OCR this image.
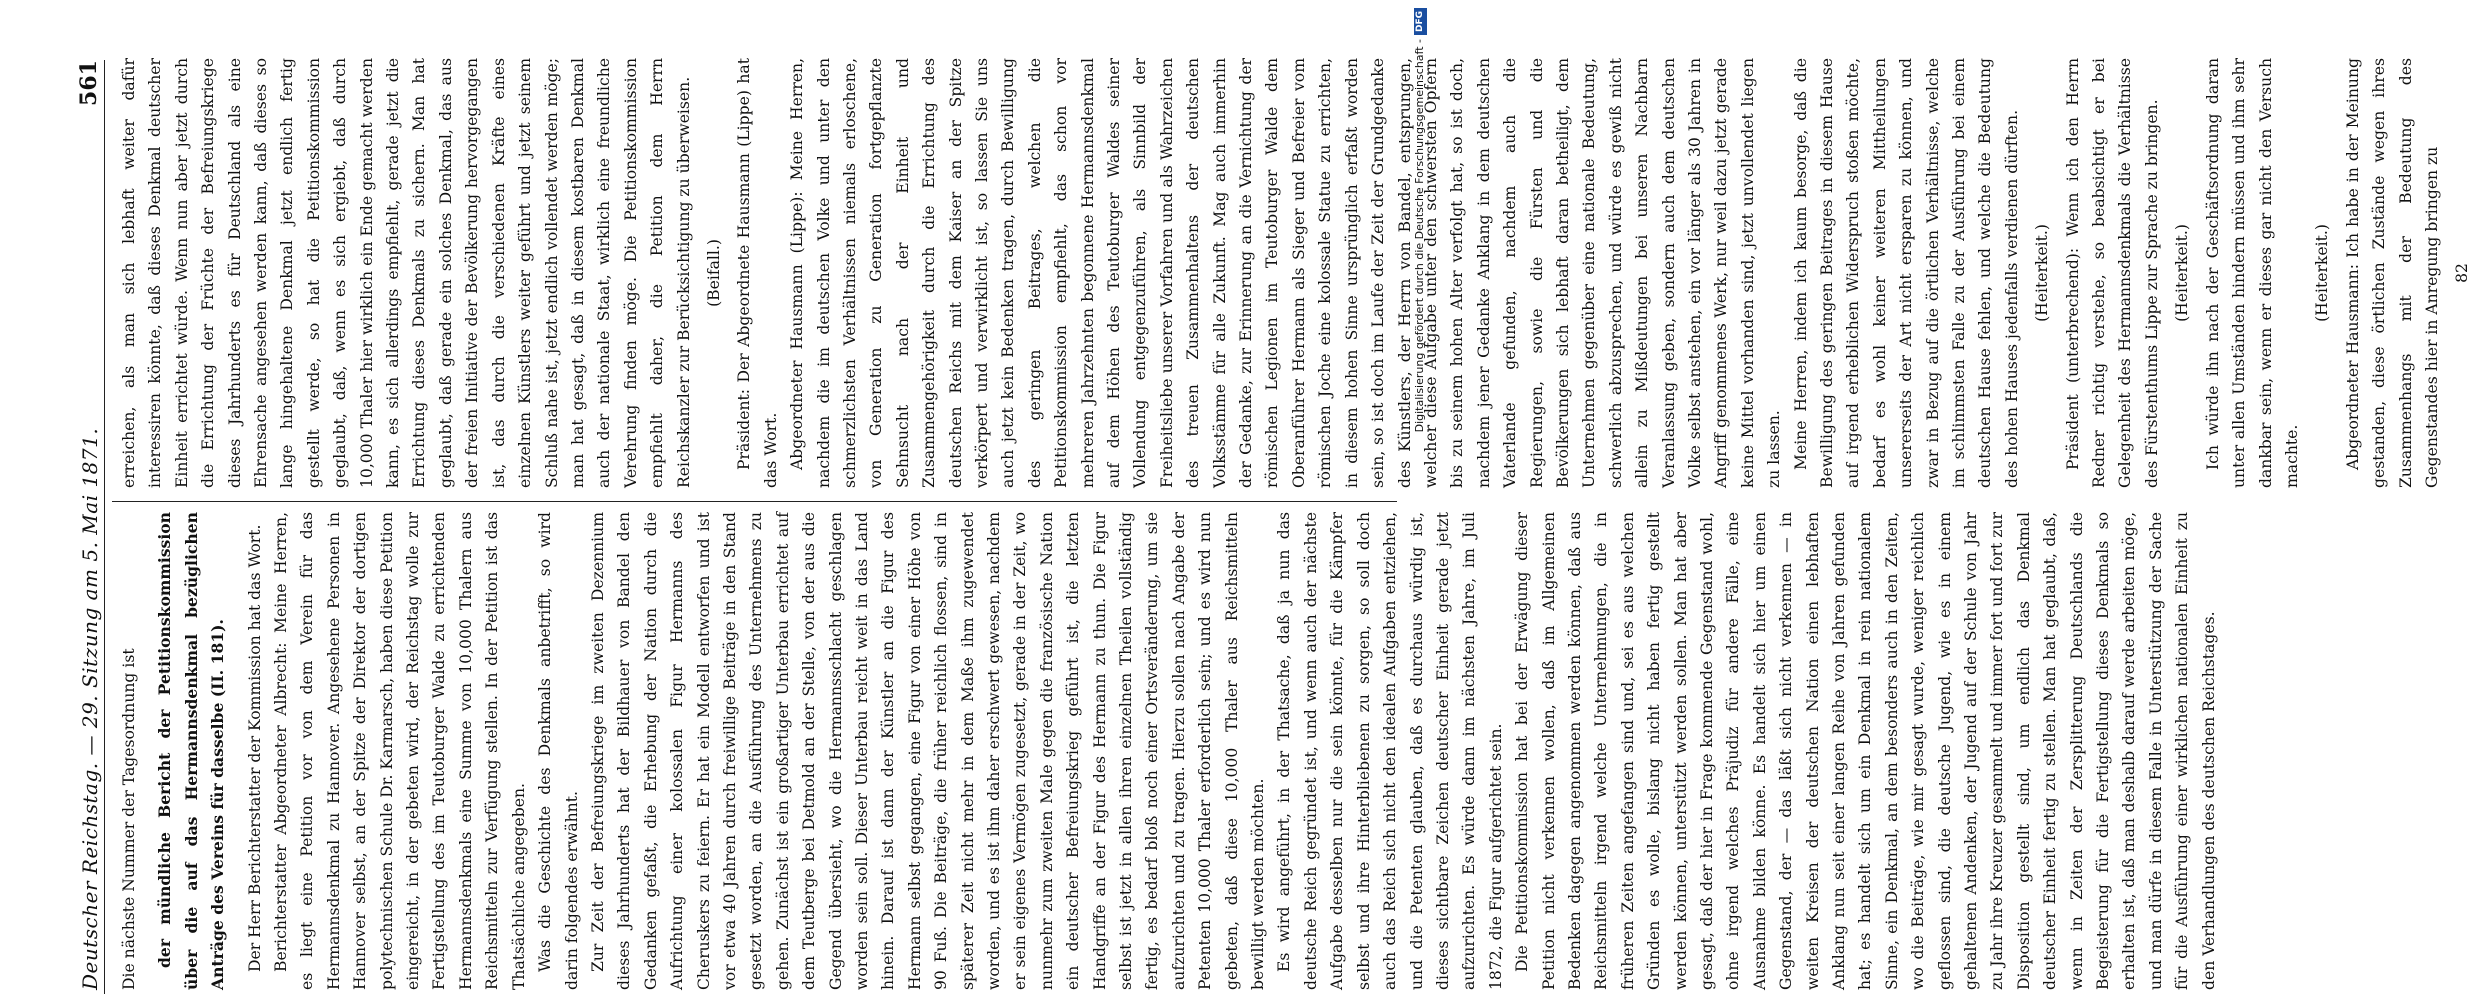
Deutscher Reichstag. — 29. Sitzung am 5. Mai 1871.
561

Die nächste Nummer der Tagesordnung ist der mündliche Bericht der Petitionskommission über die auf das Hermannsdenkmal bezüglichen Anträge des Vereins für dasselbe (II. 181). Der Herr Berichterstatter der Kommission hat das Wort. Berichterstatter Abgeordneter Albrecht: Meine Herren, es liegt eine Petition vor von dem Verein für das Hermannsdenkmal zu Hannover. Angesehene Personen in Hannover selbst, an der Spitze der Direktor der dortigen polytechnischen Schule Dr. Karmarsch, haben diese Petition eingereicht, in der gebeten wird, der Reichstag wolle zur Fertigstellung des im Teutoburger Walde zu errichtenden Hermannsdenkmals eine Summe von 10,000 Thalern aus Reichsmitteln zur Verfügung stellen. In der Petition ist das Thatsächliche angegeben. Was die Geschichte des Denkmals anbetrifft, so wird darin folgendes erwähnt. Zur Zeit der Befreiungskriege im zweiten Dezennium dieses Jahrhunderts hat der Bildhauer von Bandel den Gedanken gefaßt, die Erhebung der Nation durch die Aufrichtung einer kolossalen Figur Hermanns des Cheruskers zu feiern. Er hat ein Modell entworfen und ist vor etwa 40 Jahren durch freiwillige Beiträge in den Stand gesetzt worden, an die Ausführung des Unternehmens zu gehen. Zunächst ist ein großartiger Unterbau errichtet auf dem Teutberge bei Detmold an der Stelle, von der aus die Gegend übersieht, wo die Hermannsschlacht geschlagen worden sein soll. Dieser Unterbau reicht weit in das Land hinein. Darauf ist dann der Künstler an die Figur des Hermann selbst gegangen, eine Figur von einer Höhe von 90 Fuß. Die Beiträge, die früher reichlich flossen, sind in späterer Zeit nicht mehr in dem Maße ihm zugewendet worden, und es ist ihm daher erschwert gewesen, nachdem er sein eigenes Vermögen zugesetzt, gerade in der Zeit, wo nunmehr zum zweiten Male gegen die französische Nation ein deutscher Befreiungskrieg geführt ist, die letzten Handgriffe an der Figur des Hermann zu thun. Die Figur selbst ist jetzt in allen ihren einzelnen Theilen vollständig fertig, es bedarf bloß noch einer Ortsveränderung, um sie aufzurichten und zu tragen. Hierzu sollen nach Angabe der Petenten 10,000 Thaler erforderlich sein; und es wird nun gebeten, daß diese 10,000 Thaler aus Reichsmitteln bewilligt werden möchten. Es wird angeführt, in der Thatsache, daß ja nun das deutsche Reich gegründet ist, und wenn auch der nächste Aufgabe desselben nur die sein könnte, für die Kämpfer selbst und ihre Hinterbliebenen zu sorgen, so soll doch auch das Reich sich nicht den idealen Aufgaben entziehen, und die Petenten glauben, daß es durchaus würdig ist, dieses sichtbare Zeichen deutscher Einheit gerade jetzt aufzurichten. Es würde dann im nächsten Jahre, im Juli 1872, die Figur aufgerichtet sein. Die Petitionskommission hat bei der Erwägung dieser Petition nicht verkennen wollen, daß im Allgemeinen Bedenken dagegen angenommen werden können, daß aus Reichsmitteln irgend welche Unternehmungen, die in früheren Zeiten angefangen sind und, sei es aus welchen Gründen es wolle, bislang nicht haben fertig gestellt werden können, unterstützt werden sollen. Man hat aber gesagt, daß der hier in Frage kommende Gegenstand wohl, ohne irgend welches Präjudiz für andere Fälle, eine Ausnahme bilden könne. Es handelt sich hier um einen Gegenstand, der — das läßt sich nicht verkennen — in weiten Kreisen der deutschen Nation einen lebhaften Anklang nun seit einer langen Reihe von Jahren gefunden hat; es handelt sich um ein Denkmal in rein nationalem Sinne, ein Denkmal, an dem besonders auch in den Zeiten, wo die Beiträge, wie mir gesagt wurde, weniger reichlich geflossen sind, die deutsche Jugend, wie es in einem gehaltenen Andenken, der Jugend auf der Schule von Jahr zu Jahr ihre Kreuzer gesammelt und immer fort und fort zur Disposition gestellt sind, um endlich das Denkmal deutscher Einheit fertig zu stellen. Man hat geglaubt, daß, wenn in Zeiten der Zersplitterung Deutschlands die Begeisterung für die Fertigstellung dieses Denkmals so erhalten ist, daß man deshalb darauf werde arbeiten möge, und man dürfe in diesem Falle in Unterstützung der Sache für die Ausführung einer wirklichen nationalen Einheit zu den Verhandlungen des deutschen Reichstages.

erreichen, als man sich lebhaft weiter dafür interessiren könnte, daß dieses Denkmal deutscher Einheit errichtet würde. Wenn nun aber jetzt durch die Errichtung der Früchte der Befreiungskriege dieses Jahrhunderts es für Deutschland als eine Ehrensache angesehen werden kann, daß dieses so lange hingehaltene Denkmal jetzt endlich fertig gestellt werde, so hat die Petitionskommission geglaubt, daß, wenn es sich ergiebt, daß durch 10,000 Thaler hier wirklich ein Ende gemacht werden kann, es sich allerdings empfiehlt, gerade jetzt die Errichtung dieses Denkmals zu sichern. Man hat geglaubt, daß gerade ein solches Denkmal, das aus der freien Initiative der Bevölkerung hervorgegangen ist, das durch die verschiedenen Kräfte eines einzelnen Künstlers weiter geführt und jetzt seinem Schluß nahe ist, jetzt endlich vollendet werden möge; man hat gesagt, daß in diesem kostbaren Denkmal auch der nationale Staat, wirklich eine freundliche Verehrung finden möge. Die Petitionskommission empfiehlt daher, die Petition dem Herrn Reichskanzler zur Berücksichtigung zu überweisen. (Beifall.) Präsident: Der Abgeordnete Hausmann (Lippe) hat das Wort. Abgeordneter Hausmann (Lippe): Meine Herren, nachdem die im deutschen Volke und unter den schmerzlichsten Verhältnissen niemals erloschene, von Generation zu Generation fortgepflanzte Sehnsucht nach der Einheit und Zusammengehörigkeit durch die Errichtung des deutschen Reichs mit dem Kaiser an der Spitze verkörpert und verwirklicht ist, so lassen Sie uns auch jetzt kein Bedenken tragen, durch Bewilligung des geringen Beitrages, welchen die Petitionskommission empfiehlt, das schon vor mehreren Jahrzehnten begonnene Hermannsdenkmal auf dem Höhen des Teutoburger Waldes seiner Vollendung entgegenzuführen, als Sinnbild der Freiheitsliebe unserer Vorfahren und als Wahrzeichen des treuen Zusammenhaltens der deutschen Volksstämme für alle Zukunft. Mag auch immerhin der Gedanke, zur Erinnerung an die Vernichtung der römischen Legionen im Teutoburger Walde dem Oberanführer Hermann als Sieger und Befreier vom römischen Joche eine kolossale Statue zu errichten, in diesem hohen Sinne ursprünglich erfaßt worden sein, so ist doch im Laufe der Zeit der Grundgedanke des Künstlers, der Herrn von Bandel, entsprungen, welcher diese Aufgabe unter den schwersten Opfern bis zu seinem hohen Alter verfolgt hat, so ist doch, nachdem jener Gedanke Anklang in dem deutschen Vaterlande gefunden, nachdem auch die Regierungen, sowie die Fürsten und die Bevölkerungen sich lebhaft daran betheiligt, dem Unternehmen gegenüber eine nationale Bedeutung, schwerlich abzusprechen, und würde es gewiß nicht allein zu Mißdeutungen bei unseren Nachbarn Veranlassung geben, sondern auch dem deutschen Volke selbst anstehen, ein vor länger als 30 Jahren in Angriff genommenes Werk, nur weil dazu jetzt gerade keine Mittel vorhanden sind, jetzt unvollendet liegen zu lassen. Meine Herren, indem ich kaum besorge, daß die Bewilligung des geringen Beitrages in diesem Hause auf irgend erheblichen Widerspruch stoßen möchte, bedarf es wohl keiner weiteren Mittheilungen unsererseits der Art nicht ersparen zu können, und zwar in Bezug auf die örtlichen Verhältnisse, welche im schlimmsten Falle zu der Ausführung bei einem deutschen Hause fehlen, und welche die Bedeutung des hohen Hauses jedenfalls verdienen dürften. (Heiterkeit.) Präsident (unterbrechend): Wenn ich den Herrn Redner richtig verstehe, so beabsichtigt er bei Gelegenheit des Hermannsdenkmals die Verhältnisse des Fürstenthums Lippe zur Sprache zu bringen. (Heiterkeit.) Ich würde ihn nach der Geschäftsordnung daran unter allen Umständen hindern müssen und ihm sehr dankbar sein, wenn er dieses gar nicht den Versuch machte.

(Heiterkeit.) Abgeordneter Hausmann: Ich habe in der Meinung gestanden, diese örtlichen Zustände wegen ihres Zusammenhangs mit der Bedeutung des Gegenstandes hier in Anregung bringen zu 82

Digitalisierung gefördert durch die Deutsche Forschungsgemeinschaft -
DFG
